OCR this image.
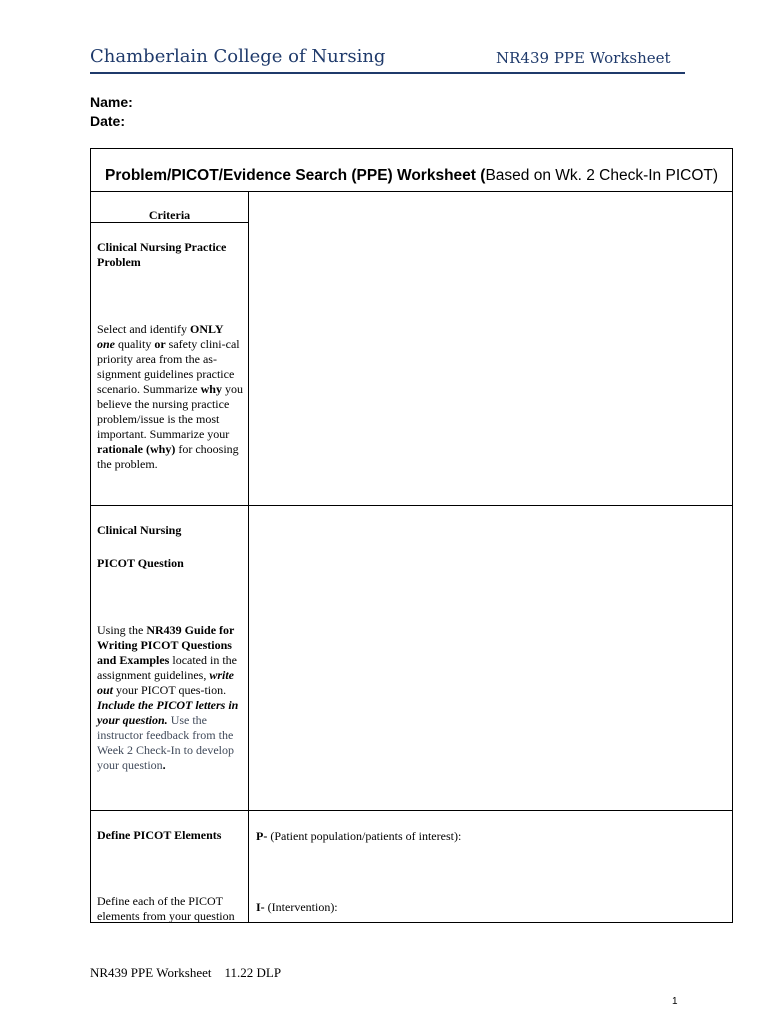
Chamberlain College of Nursing	NR439 PPE Worksheet
Name:
Date:
Problem/PICOT/Evidence Search (PPE) Worksheet (Based on Wk. 2 Check-In PICOT)
Criteria
Clinical Nursing Practice Problem
Select and identify ONLY one quality or safety clini-cal priority area from the as-signment guidelines practice scenario. Summarize why you believe the nursing practice problem/issue is the most important. Summarize your rationale (why) for choosing the problem.
Clinical Nursing
PICOT Question
Using the NR439 Guide for Writing PICOT Questions and Examples located in the assignment guidelines, write out your PICOT ques-tion. Include the PICOT letters in your question. Use the instructor feedback from the Week 2 Check-In to develop your question.
Define PICOT Elements
Define each of the PICOT elements from your question
P- (Patient population/patients of interest):
I- (Intervention):
NR439 PPE Worksheet 11.22 DLP
1
